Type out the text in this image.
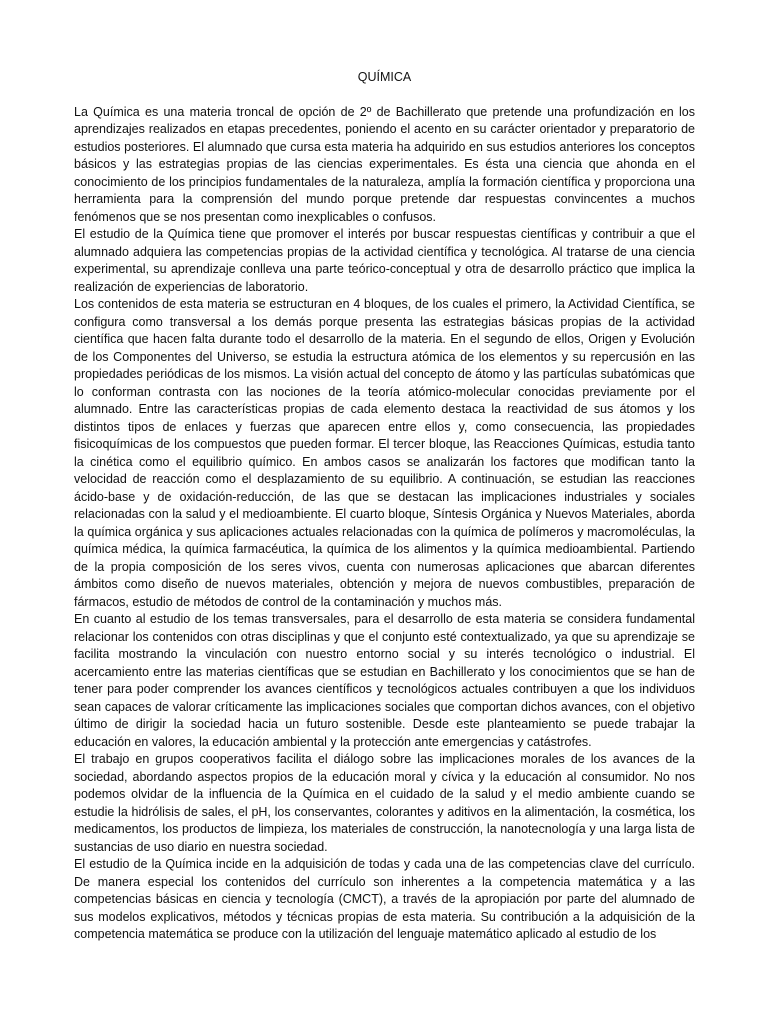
QUÍMICA

La Química es una materia troncal de opción de 2º de Bachillerato que pretende una profundización en los aprendizajes realizados en etapas precedentes, poniendo el acento en su carácter orientador y preparatorio de estudios posteriores. El alumnado que cursa esta materia ha adquirido en sus estudios anteriores los conceptos básicos y las estrategias propias de las ciencias experimentales. Es ésta una ciencia que ahonda en el conocimiento de los principios fundamentales de la naturaleza, amplía la formación científica y proporciona una herramienta para la comprensión del mundo porque pretende dar respuestas convincentes a muchos fenómenos que se nos presentan como inexplicables o confusos.

El estudio de la Química tiene que promover el interés por buscar respuestas científicas y contribuir a que el alumnado adquiera las competencias propias de la actividad científica y tecnológica. Al tratarse de una ciencia experimental, su aprendizaje conlleva una parte teórico-conceptual y otra de desarrollo práctico que implica la realización de experiencias de laboratorio.

Los contenidos de esta materia se estructuran en 4 bloques, de los cuales el primero, la Actividad Científica, se configura como transversal a los demás porque presenta las estrategias básicas propias de la actividad científica que hacen falta durante todo el desarrollo de la materia. En el segundo de ellos, Origen y Evolución de los Componentes del Universo, se estudia la estructura atómica de los elementos y su repercusión en las propiedades periódicas de los mismos. La visión actual del concepto de átomo y las partículas subatómicas que lo conforman contrasta con las nociones de la teoría atómico-molecular conocidas previamente por el alumnado. Entre las características propias de cada elemento destaca la reactividad de sus átomos y los distintos tipos de enlaces y fuerzas que aparecen entre ellos y, como consecuencia, las propiedades fisicoquímicas de los compuestos que pueden formar. El tercer bloque, las Reacciones Químicas, estudia tanto la cinética como el equilibrio químico. En ambos casos se analizarán los factores que modifican tanto la velocidad de reacción como el desplazamiento de su equilibrio. A continuación, se estudian las reacciones ácido-base y de oxidación-reducción, de las que se destacan las implicaciones industriales y sociales relacionadas con la salud y el medioambiente. El cuarto bloque, Síntesis Orgánica y Nuevos Materiales, aborda la química orgánica y sus aplicaciones actuales relacionadas con la química de polímeros y macromoléculas, la química médica, la química farmacéutica, la química de los alimentos y la química medioambiental. Partiendo de la propia composición de los seres vivos, cuenta con numerosas aplicaciones que abarcan diferentes ámbitos como diseño de nuevos materiales, obtención y mejora de nuevos combustibles, preparación de fármacos, estudio de métodos de control de la contaminación y muchos más.

En cuanto al estudio de los temas transversales, para el desarrollo de esta materia se considera fundamental relacionar los contenidos con otras disciplinas y que el conjunto esté contextualizado, ya que su aprendizaje se facilita mostrando la vinculación con nuestro entorno social y su interés tecnológico o industrial. El acercamiento entre las materias científicas que se estudian en Bachillerato y los conocimientos que se han de tener para poder comprender los avances científicos y tecnológicos actuales contribuyen a que los individuos sean capaces de valorar críticamente las implicaciones sociales que comportan dichos avances, con el objetivo último de dirigir la sociedad hacia un futuro sostenible. Desde este planteamiento se puede trabajar la educación en valores, la educación ambiental y la protección ante emergencias y catástrofes.

El trabajo en grupos cooperativos facilita el diálogo sobre las implicaciones morales de los avances de la sociedad, abordando aspectos propios de la educación moral y cívica y la educación al consumidor. No nos podemos olvidar de la influencia de la Química en el cuidado de la salud y el medio ambiente cuando se estudie la hidrólisis de sales, el pH, los conservantes, colorantes y aditivos en la alimentación, la cosmética, los medicamentos, los productos de limpieza, los materiales de construcción, la nanotecnología y una larga lista de sustancias de uso diario en nuestra sociedad.

El estudio de la Química incide en la adquisición de todas y cada una de las competencias clave del currículo. De manera especial los contenidos del currículo son inherentes a la competencia matemática y a las competencias básicas en ciencia y tecnología (CMCT), a través de la apropiación por parte del alumnado de sus modelos explicativos, métodos y técnicas propias de esta materia. Su contribución a la adquisición de la competencia matemática se produce con la utilización del lenguaje matemático aplicado al estudio de los
